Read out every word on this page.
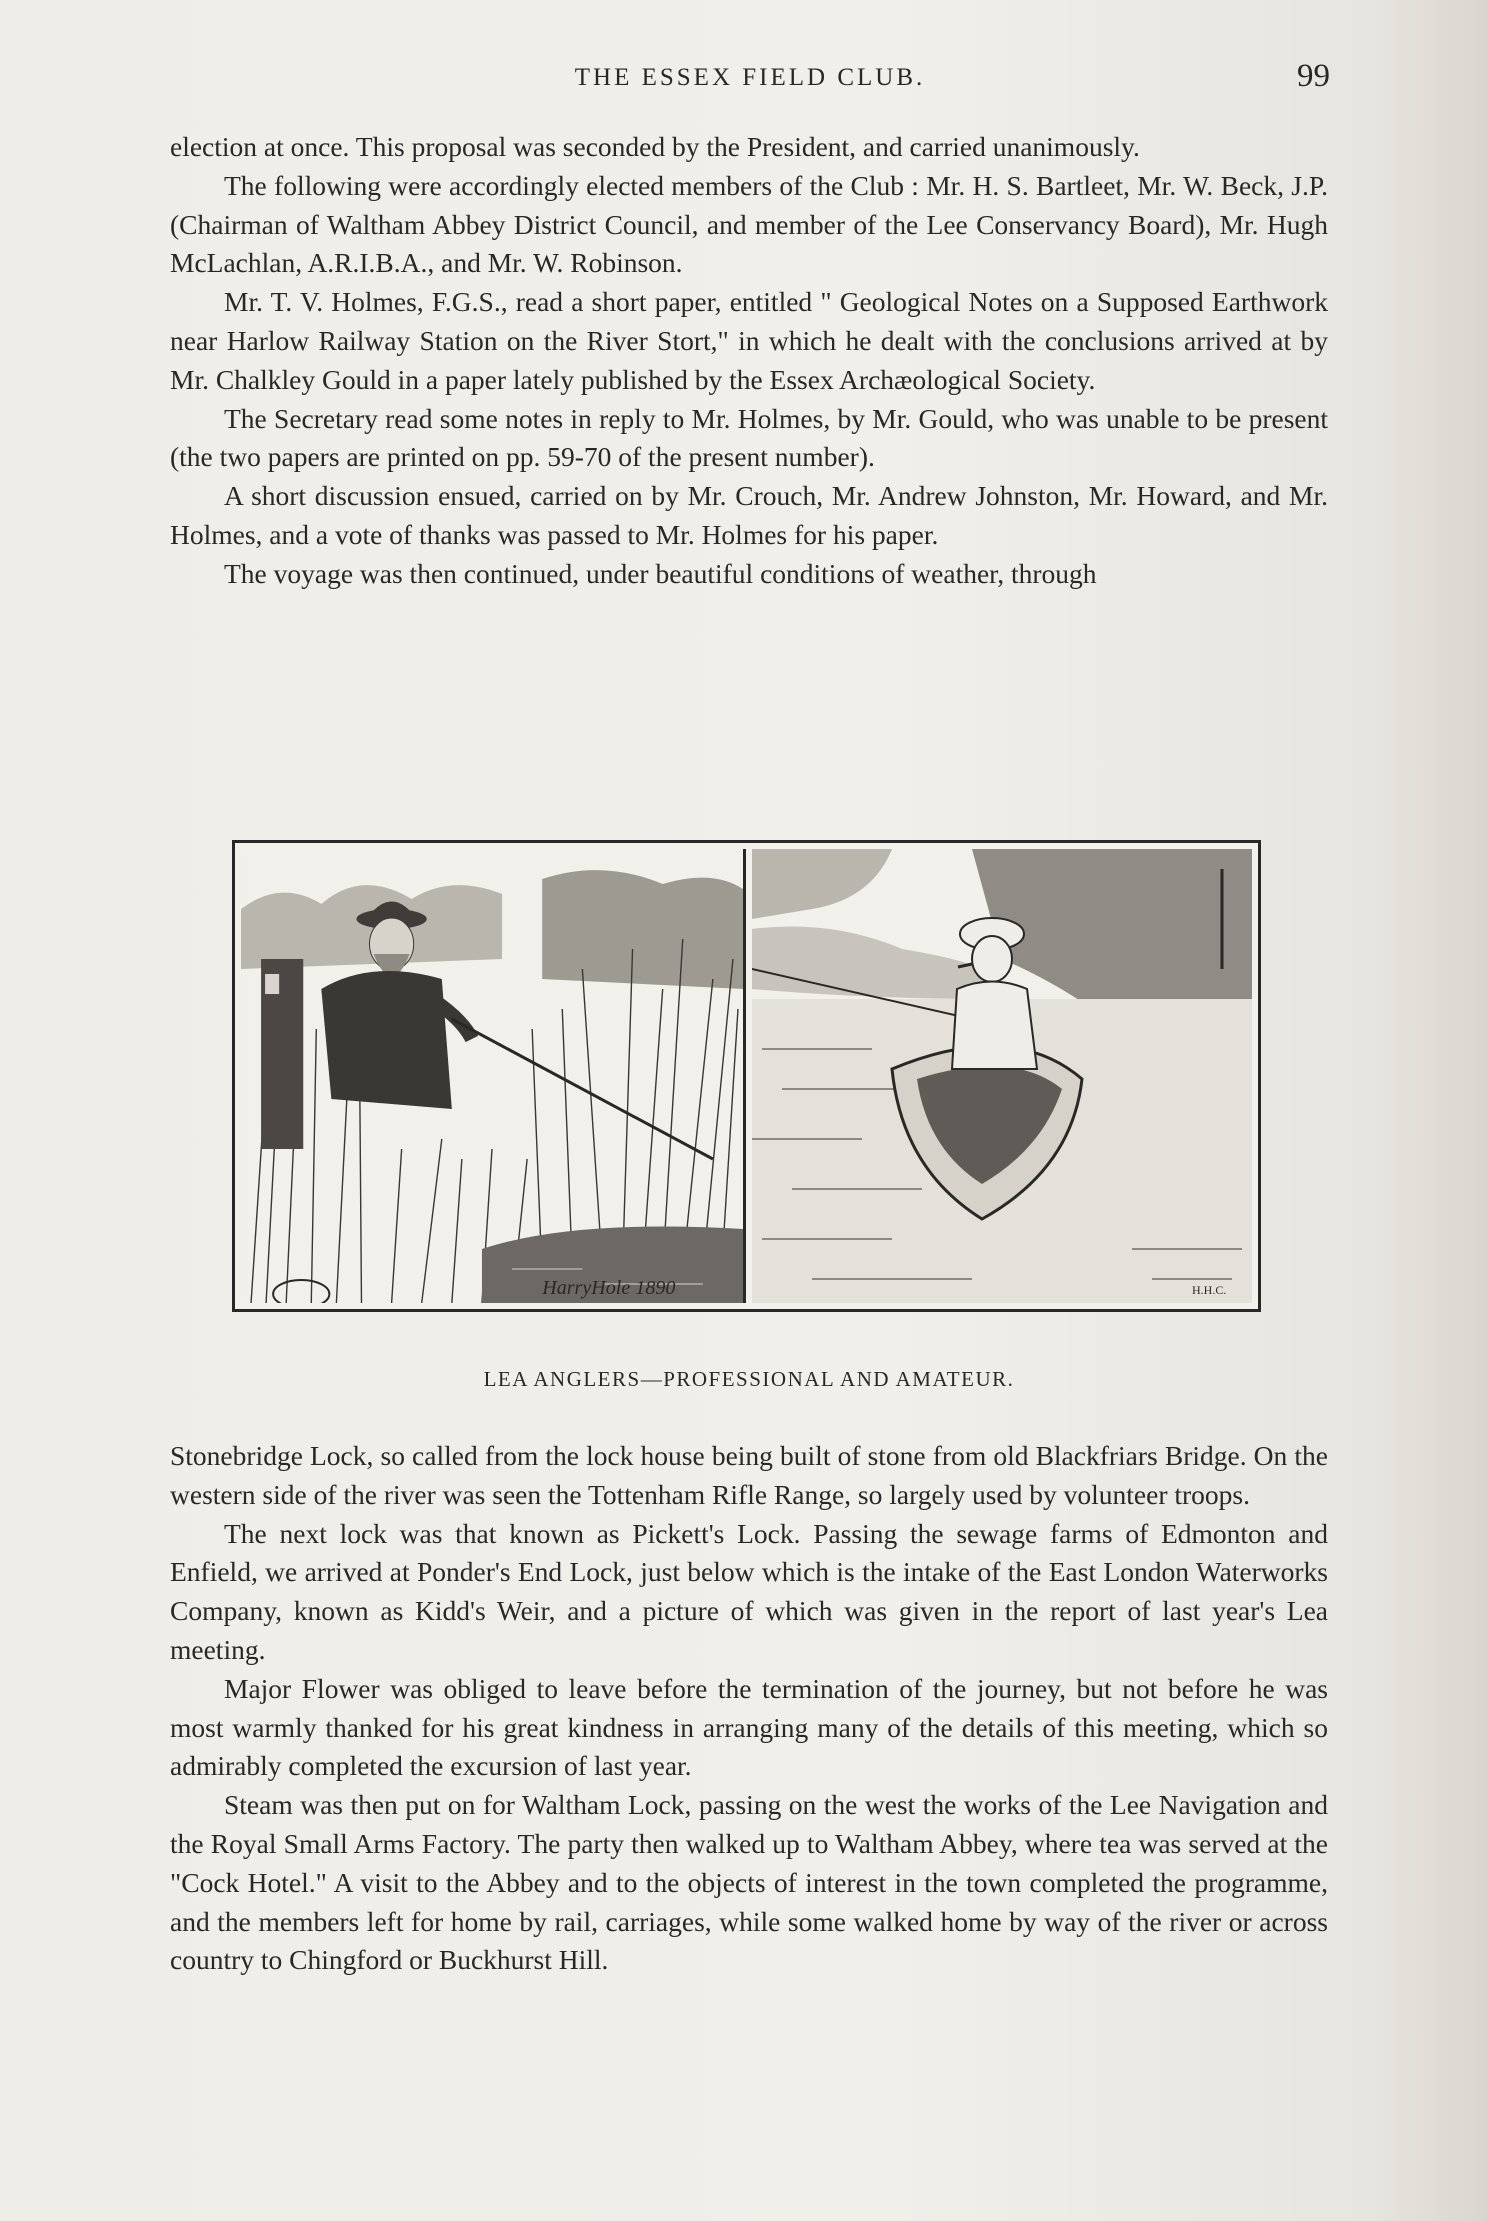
THE ESSEX FIELD CLUB.	99

election at once. This proposal was seconded by the President, and carried unanimously.

The following were accordingly elected members of the Club : Mr. H. S. Bartleet, Mr. W. Beck, J.P. (Chairman of Waltham Abbey District Council, and member of the Lee Conservancy Board), Mr. Hugh McLachlan, A.R.I.B.A., and Mr. W. Robinson.

Mr. T. V. Holmes, F.G.S., read a short paper, entitled " Geological Notes on a Supposed Earthwork near Harlow Railway Station on the River Stort," in which he dealt with the conclusions arrived at by Mr. Chalkley Gould in a paper lately published by the Essex Archæological Society.

The Secretary read some notes in reply to Mr. Holmes, by Mr. Gould, who was unable to be present (the two papers are printed on pp. 59-70 of the present number).

A short discussion ensued, carried on by Mr. Crouch, Mr. Andrew Johnston, Mr. Howard, and Mr. Holmes, and a vote of thanks was passed to Mr. Holmes for his paper.

The voyage was then continued, under beautiful conditions of weather, through

HarryHole 1890	H.H.C.
LEA ANGLERS—PROFESSIONAL AND AMATEUR.

Stonebridge Lock, so called from the lock house being built of stone from old Blackfriars Bridge. On the western side of the river was seen the Tottenham Rifle Range, so largely used by volunteer troops.

The next lock was that known as Pickett's Lock. Passing the sewage farms of Edmonton and Enfield, we arrived at Ponder's End Lock, just below which is the intake of the East London Waterworks Company, known as Kidd's Weir, and a picture of which was given in the report of last year's Lea meeting.

Major Flower was obliged to leave before the termination of the journey, but not before he was most warmly thanked for his great kindness in arranging many of the details of this meeting, which so admirably completed the excursion of last year.

Steam was then put on for Waltham Lock, passing on the west the works of the Lee Navigation and the Royal Small Arms Factory. The party then walked up to Waltham Abbey, where tea was served at the "Cock Hotel." A visit to the Abbey and to the objects of interest in the town completed the programme, and the members left for home by rail, carriages, while some walked home by way of the river or across country to Chingford or Buckhurst Hill.
